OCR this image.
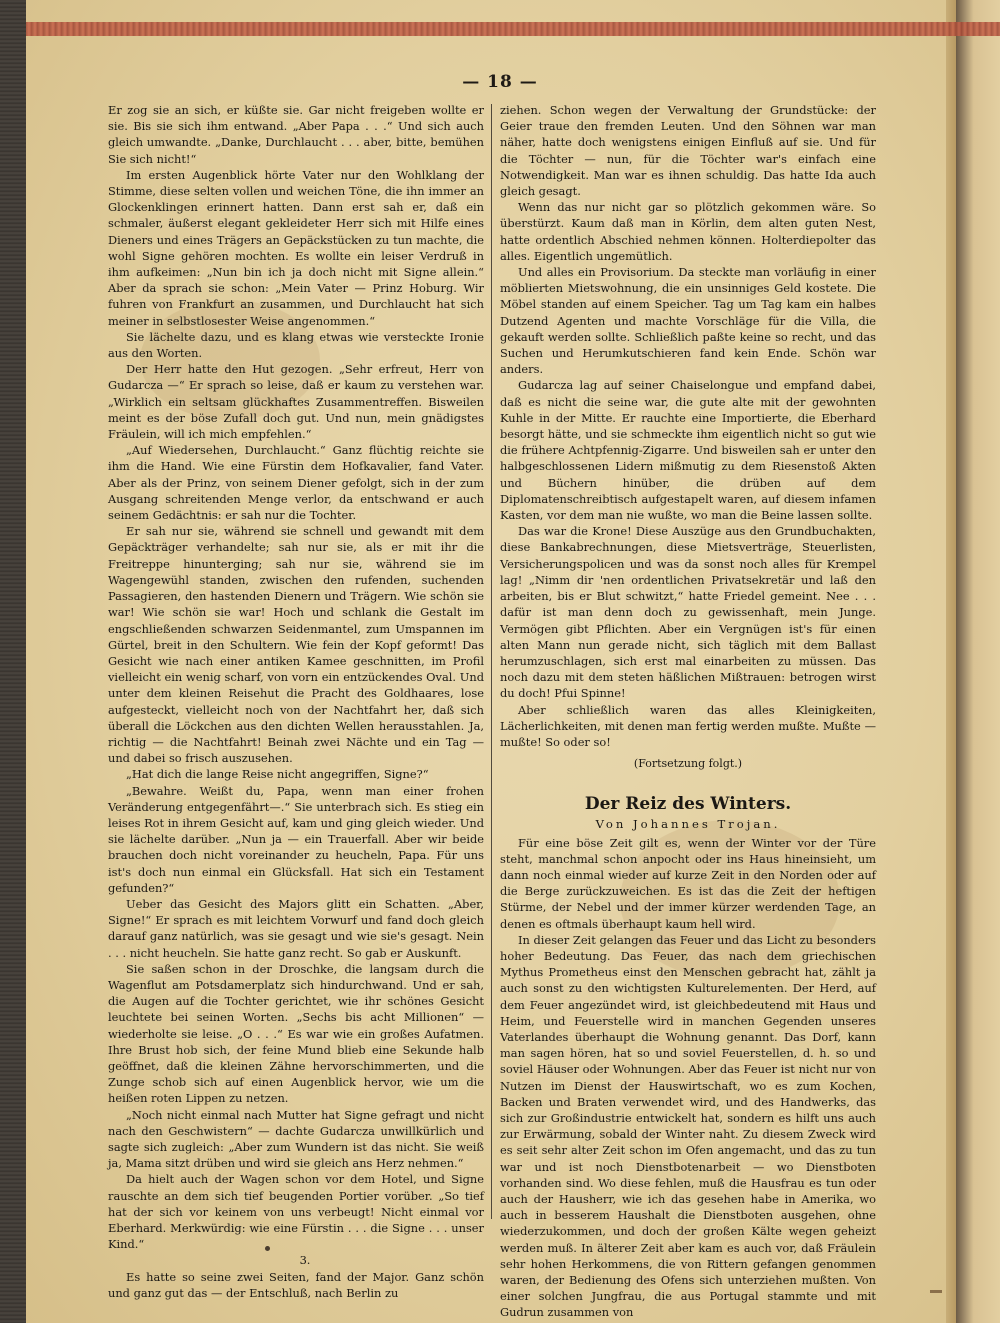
— 18 —

Er zog sie an sich, er küßte sie. Gar nicht freigeben wollte er sie. Bis sie sich ihm entwand. „Aber Papa . . .“ Und sich auch gleich umwandte. „Danke, Durchlaucht . . . aber, bitte, bemühen Sie sich nicht!“

Im ersten Augenblick hörte Vater nur den Wohlklang der Stimme, diese selten vollen und weichen Töne, die ihn immer an Glockenklingen erinnert hatten. Dann erst sah er, daß ein schmaler, äußerst elegant gekleideter Herr sich mit Hilfe eines Dieners und eines Trägers an Gepäckstücken zu tun machte, die wohl Signe gehören mochten. Es wollte ein leiser Verdruß in ihm aufkeimen: „Nun bin ich ja doch nicht mit Signe allein.“ Aber da sprach sie schon: „Mein Vater — Prinz Hoburg. Wir fuhren von Frankfurt an zusammen, und Durchlaucht hat sich meiner in selbstlosester Weise angenommen.“

Sie lächelte dazu, und es klang etwas wie versteckte Ironie aus den Worten.

Der Herr hatte den Hut gezogen. „Sehr erfreut, Herr von Gudarcza —“ Er sprach so leise, daß er kaum zu verstehen war. „Wirklich ein seltsam glückhaftes Zusammentreffen. Bisweilen meint es der böse Zufall doch gut. Und nun, mein gnädigstes Fräulein, will ich mich empfehlen.“

„Auf Wiedersehen, Durchlaucht.“ Ganz flüchtig reichte sie ihm die Hand. Wie eine Fürstin dem Hofkavalier, fand Vater. Aber als der Prinz, von seinem Diener gefolgt, sich in der zum Ausgang schreitenden Menge verlor, da entschwand er auch seinem Gedächtnis: er sah nur die Tochter.

Er sah nur sie, während sie schnell und gewandt mit dem Gepäckträger verhandelte; sah nur sie, als er mit ihr die Freitreppe hinunterging; sah nur sie, während sie im Wagengewühl standen, zwischen den rufenden, suchenden Passagieren, den hastenden Dienern und Trägern. Wie schön sie war! Wie schön sie war! Hoch und schlank die Gestalt im engschließenden schwarzen Seidenmantel, zum Umspannen im Gürtel, breit in den Schultern. Wie fein der Kopf geformt! Das Gesicht wie nach einer antiken Kamee geschnitten, im Profil vielleicht ein wenig scharf, von vorn ein entzückendes Oval. Und unter dem kleinen Reisehut die Pracht des Goldhaares, lose aufgesteckt, vielleicht noch von der Nachtfahrt her, daß sich überall die Löckchen aus den dichten Wellen herausstahlen. Ja, richtig — die Nachtfahrt! Beinah zwei Nächte und ein Tag — und dabei so frisch auszusehen.

„Hat dich die lange Reise nicht angegriffen, Signe?“

„Bewahre. Weißt du, Papa, wenn man einer frohen Veränderung entgegenfährt—.“ Sie unterbrach sich. Es stieg ein leises Rot in ihrem Gesicht auf, kam und ging gleich wieder. Und sie lächelte darüber. „Nun ja — ein Trauerfall. Aber wir beide brauchen doch nicht voreinander zu heucheln, Papa. Für uns ist's doch nun einmal ein Glücksfall. Hat sich ein Testament gefunden?“

Ueber das Gesicht des Majors glitt ein Schatten. „Aber, Signe!“ Er sprach es mit leichtem Vorwurf und fand doch gleich darauf ganz natürlich, was sie gesagt und wie sie's gesagt. Nein . . . nicht heucheln. Sie hatte ganz recht. So gab er Auskunft.

Sie saßen schon in der Droschke, die langsam durch die Wagenflut am Potsdamerplatz sich hindurchwand. Und er sah, die Augen auf die Tochter gerichtet, wie ihr schönes Gesicht leuchtete bei seinen Worten. „Sechs bis acht Millionen“ — wiederholte sie leise. „O . . .“ Es war wie ein großes Aufatmen. Ihre Brust hob sich, der feine Mund blieb eine Sekunde halb geöffnet, daß die kleinen Zähne hervorschimmerten, und die Zunge schob sich auf einen Augenblick hervor, wie um die heißen roten Lippen zu netzen.

„Noch nicht einmal nach Mutter hat Signe gefragt und nicht nach den Geschwistern“ — dachte Gudarcza unwillkürlich und sagte sich zugleich: „Aber zum Wundern ist das nicht. Sie weiß ja, Mama sitzt drüben und wird sie gleich ans Herz nehmen.“

Da hielt auch der Wagen schon vor dem Hotel, und Signe rauschte an dem sich tief beugenden Portier vorüber. „So tief hat der sich vor keinem von uns verbeugt! Nicht einmal vor Eberhard. Merkwürdig: wie eine Fürstin . . . die Signe . . . unser Kind.“

3.

Es hatte so seine zwei Seiten, fand der Major. Ganz schön und ganz gut das — der Entschluß, nach Berlin zu

ziehen. Schon wegen der Verwaltung der Grundstücke: der Geier traue den fremden Leuten. Und den Söhnen war man näher, hatte doch wenigstens einigen Einfluß auf sie. Und für die Töchter — nun, für die Töchter war's einfach eine Notwendigkeit. Man war es ihnen schuldig. Das hatte Ida auch gleich gesagt.

Wenn das nur nicht gar so plötzlich gekommen wäre. So überstürzt. Kaum daß man in Körlin, dem alten guten Nest, hatte ordentlich Abschied nehmen können. Holterdiepolter das alles. Eigentlich ungemütlich.

Und alles ein Provisorium. Da steckte man vorläufig in einer möblierten Mietswohnung, die ein unsinniges Geld kostete. Die Möbel standen auf einem Speicher. Tag um Tag kam ein halbes Dutzend Agenten und machte Vorschläge für die Villa, die gekauft werden sollte. Schließlich paßte keine so recht, und das Suchen und Herumkutschieren fand kein Ende. Schön war anders.

Gudarcza lag auf seiner Chaiselongue und empfand dabei, daß es nicht die seine war, die gute alte mit der gewohnten Kuhle in der Mitte. Er rauchte eine Importierte, die Eberhard besorgt hätte, und sie schmeckte ihm eigentlich nicht so gut wie die frühere Achtpfennig-Zigarre. Und bisweilen sah er unter den halbgeschlossenen Lidern mißmutig zu dem Riesenstoß Akten und Büchern hinüber, die drüben auf dem Diplomatenschreibtisch aufgestapelt waren, auf diesem infamen Kasten, vor dem man nie wußte, wo man die Beine lassen sollte.

Das war die Krone! Diese Auszüge aus den Grundbuchakten, diese Bankabrechnungen, diese Mietsverträge, Steuerlisten, Versicherungspolicen und was da sonst noch alles für Krempel lag! „Nimm dir 'nen ordentlichen Privatsekretär und laß den arbeiten, bis er Blut schwitzt,“ hatte Friedel gemeint. Nee . . . dafür ist man denn doch zu gewissenhaft, mein Junge. Vermögen gibt Pflichten. Aber ein Vergnügen ist's für einen alten Mann nun gerade nicht, sich täglich mit dem Ballast herumzuschlagen, sich erst mal einarbeiten zu müssen. Das noch dazu mit dem steten häßlichen Mißtrauen: betrogen wirst du doch! Pfui Spinne!

Aber schließlich waren das alles Kleinigkeiten, Lächerlichkeiten, mit denen man fertig werden mußte. Mußte — mußte! So oder so!

(Fortsetzung folgt.)
Der Reiz des Winters.
Von Johannes Trojan.

Für eine böse Zeit gilt es, wenn der Winter vor der Türe steht, manchmal schon anpocht oder ins Haus hineinsieht, um dann noch einmal wieder auf kurze Zeit in den Norden oder auf die Berge zurückzuweichen. Es ist das die Zeit der heftigen Stürme, der Nebel und der immer kürzer werdenden Tage, an denen es oftmals überhaupt kaum hell wird.

In dieser Zeit gelangen das Feuer und das Licht zu besonders hoher Bedeutung. Das Feuer, das nach dem griechischen Mythus Prometheus einst den Menschen gebracht hat, zählt ja auch sonst zu den wichtigsten Kulturelementen. Der Herd, auf dem Feuer angezündet wird, ist gleichbedeutend mit Haus und Heim, und Feuerstelle wird in manchen Gegenden unseres Vaterlandes überhaupt die Wohnung genannt. Das Dorf, kann man sagen hören, hat so und soviel Feuerstellen, d. h. so und soviel Häuser oder Wohnungen. Aber das Feuer ist nicht nur von Nutzen im Dienst der Hauswirtschaft, wo es zum Kochen, Backen und Braten verwendet wird, und des Handwerks, das sich zur Großindustrie entwickelt hat, sondern es hilft uns auch zur Erwärmung, sobald der Winter naht. Zu diesem Zweck wird es seit sehr alter Zeit schon im Ofen angemacht, und das zu tun war und ist noch Dienstbotenarbeit — wo Dienstboten vorhanden sind. Wo diese fehlen, muß die Hausfrau es tun oder auch der Hausherr, wie ich das gesehen habe in Amerika, wo auch in besserem Haushalt die Dienstboten ausgehen, ohne wiederzukommen, und doch der großen Kälte wegen geheizt werden muß. In älterer Zeit aber kam es auch vor, daß Fräulein sehr hohen Herkommens, die von Rittern gefangen genommen waren, der Bedienung des Ofens sich unterziehen mußten. Von einer solchen Jungfrau, die aus Portugal stammte und mit Gudrun zusammen von
